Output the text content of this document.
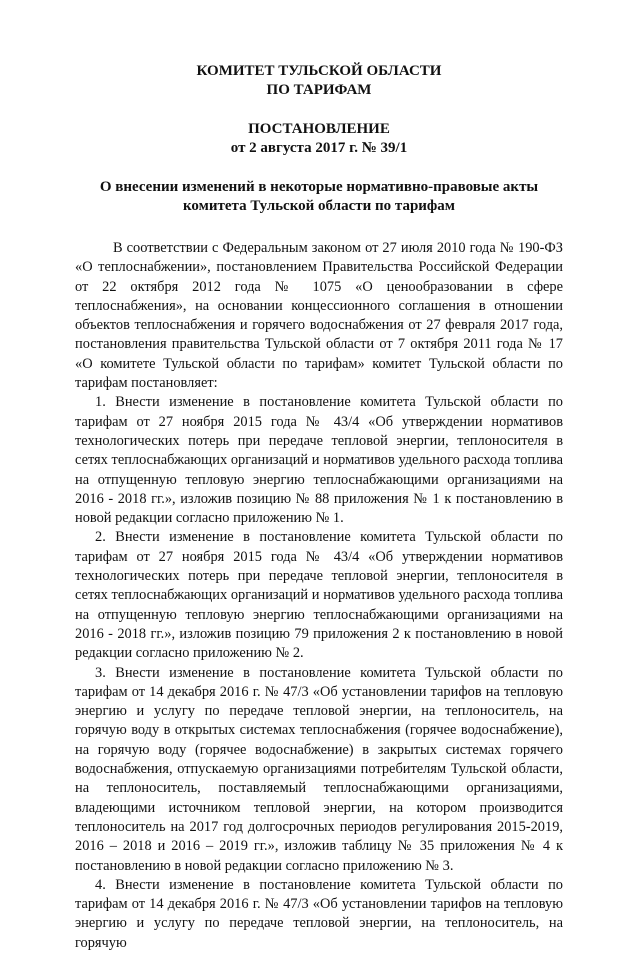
КОМИТЕТ ТУЛЬСКОЙ ОБЛАСТИ

ПО ТАРИФАМ

ПОСТАНОВЛЕНИЕ

от 2 августа 2017 г. № 39/1

О внесении изменений в некоторые нормативно-правовые акты

комитета Тульской области по тарифам

В соответствии с Федеральным законом от 27 июля 2010 года № 190-ФЗ «О теплоснабжении», постановлением Правительства Российской Федерации от 22 октября 2012 года № 1075 «О ценообразовании в сфере теплоснабжения», на основании концессионного соглашения в отношении объектов теплоснабжения и горячего водоснабжения от 27 февраля 2017 года, постановления правительства Тульской области от 7 октября 2011 года № 17 «О комитете Тульской области по тарифам» комитет Тульской области по тарифам постановляет:

1. Внести изменение в постановление комитета Тульской области по тарифам от 27 ноября 2015 года № 43/4 «Об утверждении нормативов технологических потерь при передаче тепловой энергии, теплоносителя в сетях теплоснабжающих организаций и нормативов удельного расхода топлива на отпущенную тепловую энергию теплоснабжающими организациями на 2016 - 2018 гг.», изложив позицию № 88 приложения № 1 к постановлению в новой редакции согласно приложению № 1.

2. Внести изменение в постановление комитета Тульской области по тарифам от 27 ноября 2015 года № 43/4 «Об утверждении нормативов технологических потерь при передаче тепловой энергии, теплоносителя в сетях теплоснабжающих организаций и нормативов удельного расхода топлива на отпущенную тепловую энергию теплоснабжающими организациями на 2016 - 2018 гг.», изложив позицию 79 приложения 2 к постановлению в новой редакции согласно приложению № 2.

3. Внести изменение в постановление комитета Тульской области по тарифам от 14 декабря 2016 г. № 47/3 «Об установлении тарифов на тепловую энергию и услугу по передаче тепловой энергии, на теплоноситель, на горячую воду в открытых системах теплоснабжения (горячее водоснабжение), на горячую воду (горячее водоснабжение) в закрытых системах горячего водоснабжения, отпускаемую организациями потребителям Тульской области, на теплоноситель, поставляемый теплоснабжающими организациями, владеющими источником тепловой энергии, на котором производится теплоноситель на 2017 год долгосрочных периодов регулирования 2015-2019, 2016 – 2018 и 2016 – 2019 гг.», изложив таблицу № 35 приложения № 4 к постановлению в новой редакции согласно приложению № 3.

4. Внести изменение в постановление комитета Тульской области по тарифам от 14 декабря 2016 г. № 47/3 «Об установлении тарифов на тепловую энергию и услугу по передаче тепловой энергии, на теплоноситель, на горячую
